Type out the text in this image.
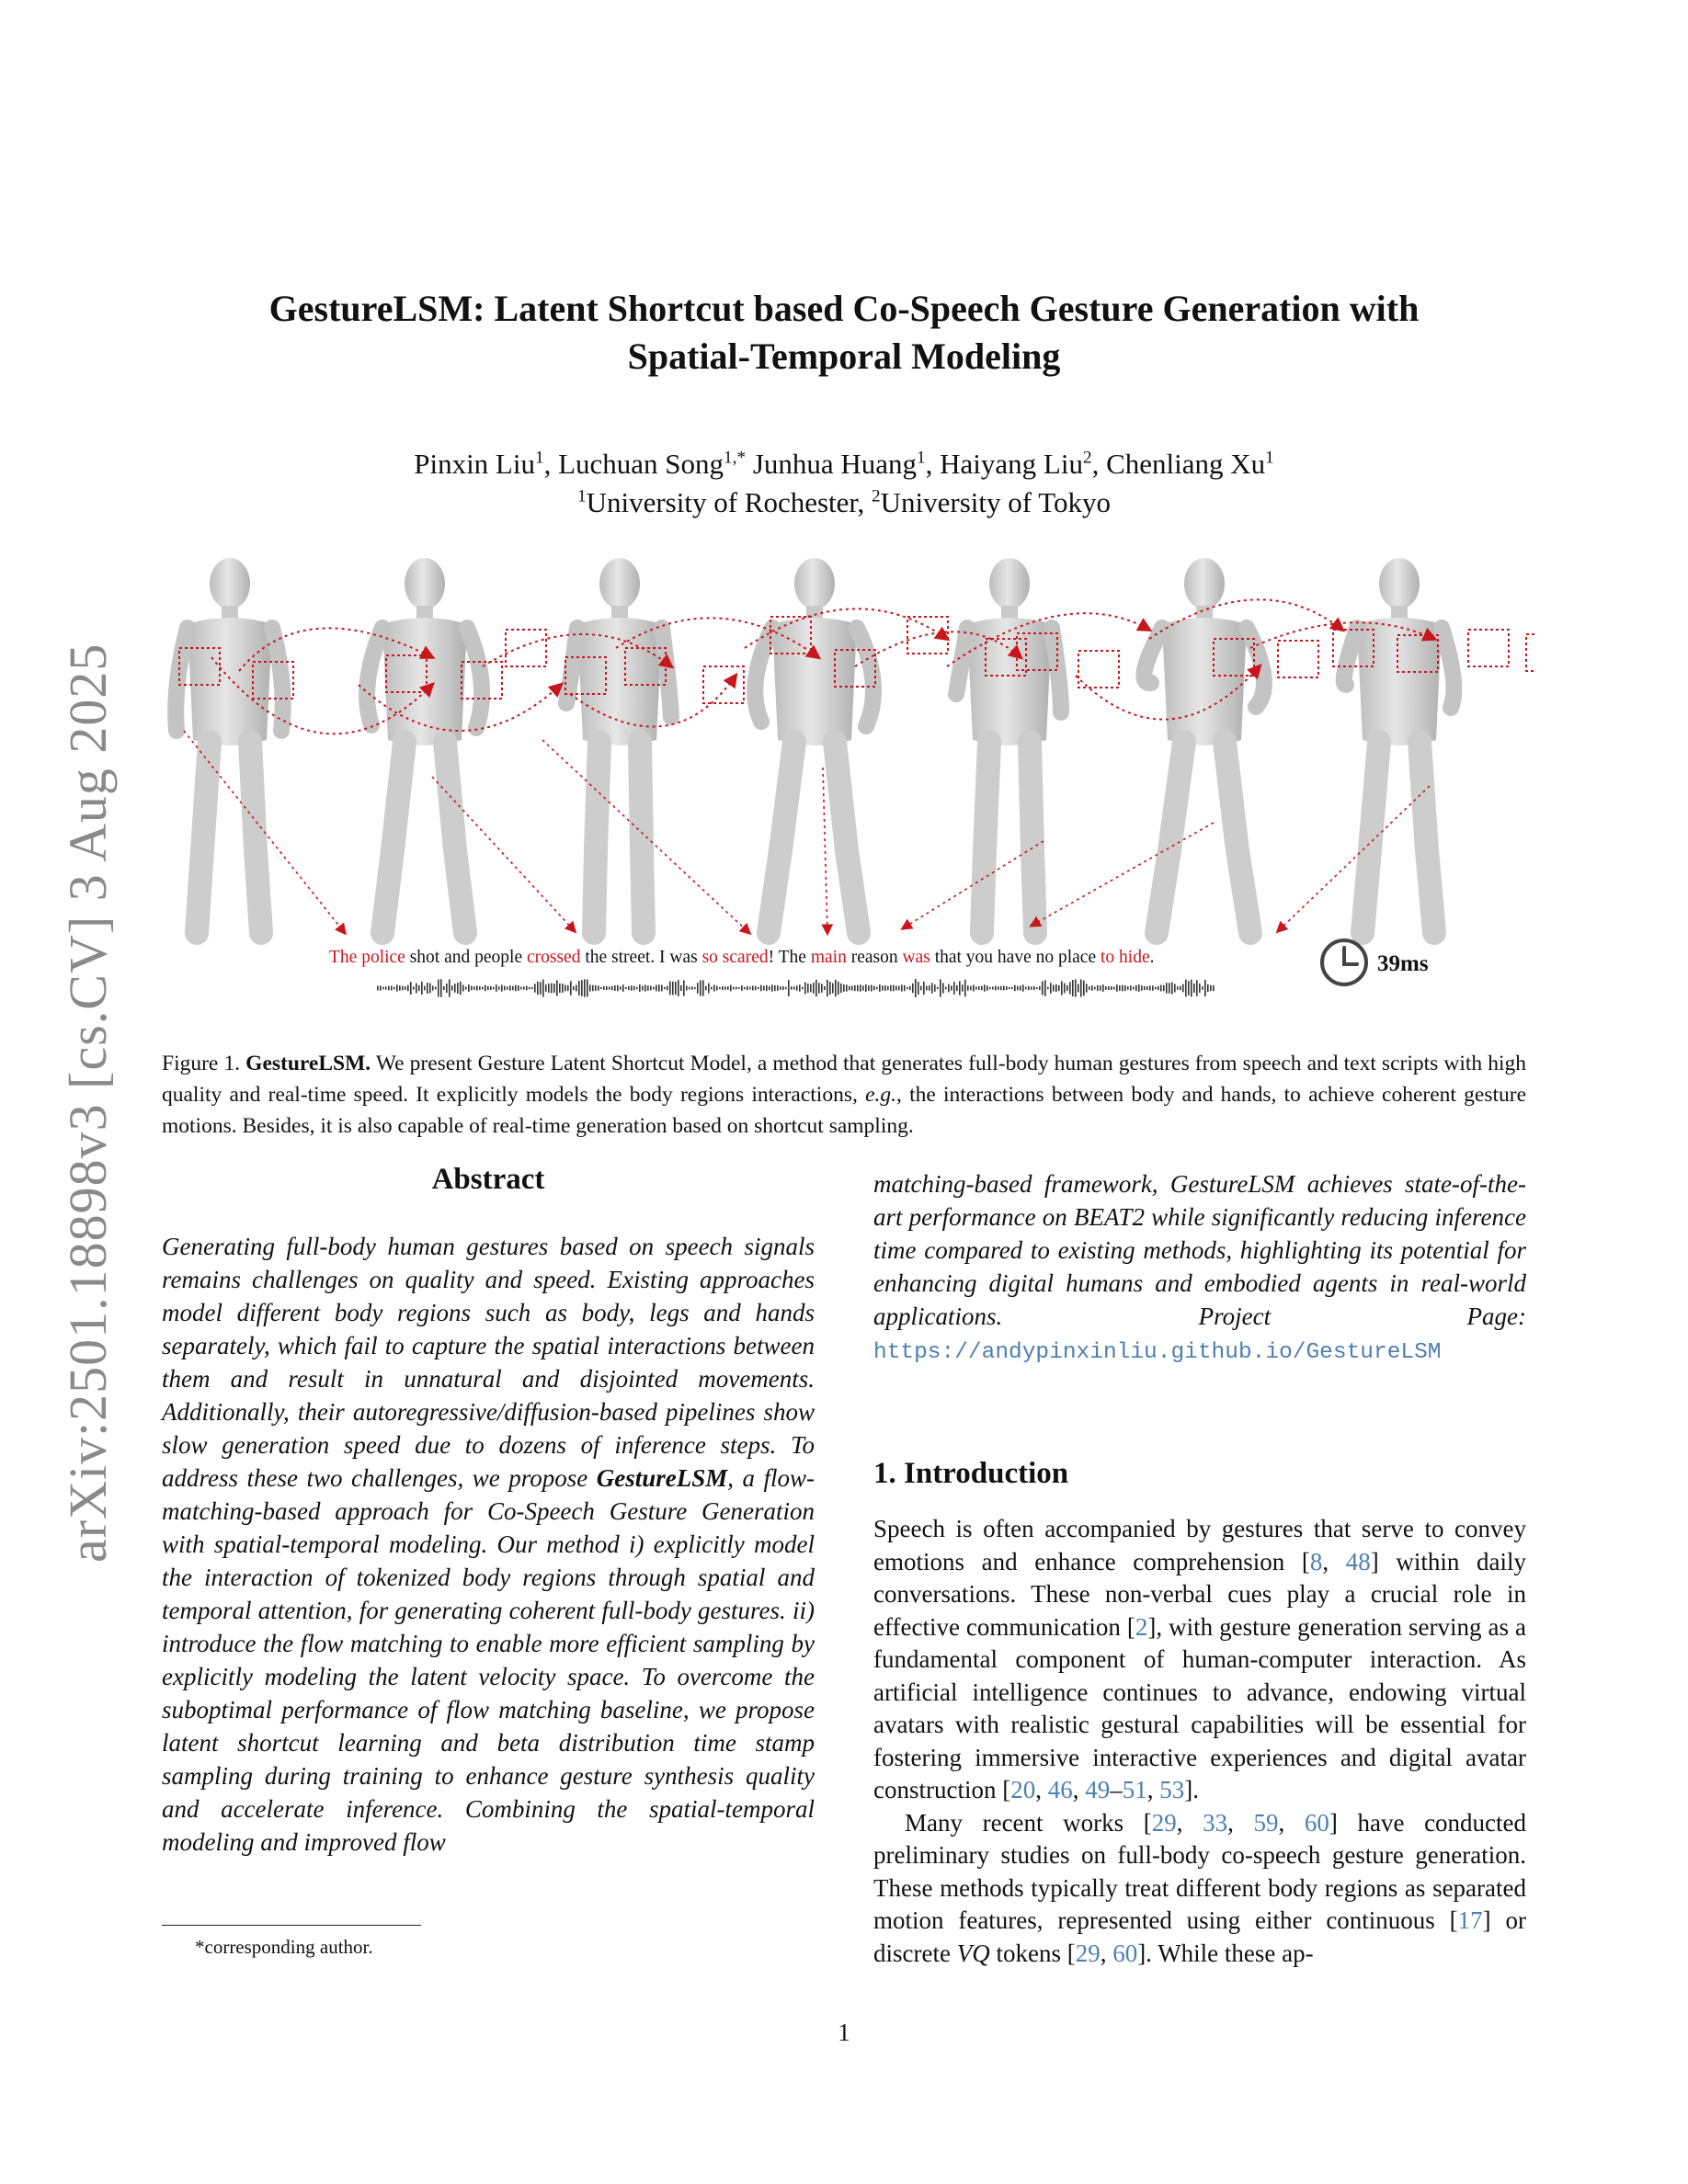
arXiv:2501.18898v3 [cs.CV] 3 Aug 2025
GestureLSM: Latent Shortcut based Co-Speech Gesture Generation with
Spatial-Temporal Modeling
Pinxin Liu$^1$, Luchuan Song$^{1,*}$ Junhua Huang$^1$, Haiyang Liu$^2$, Chenliang Xu$^1$
$^1$University of Rochester, $^2$University of Tokyo
The police shot and people crossed the street. I was so scared! The main reason was that you have no place to hide.	39ms
Figure 1. GestureLSM. We present Gesture Latent Shortcut Model, a method that generates full-body human gestures from speech and text scripts with high quality and real-time speed. It explicitly models the body regions interactions, e.g., the interactions between body and hands, to achieve coherent gesture motions. Besides, it is also capable of real-time generation based on shortcut sampling.
Abstract

Generating full-body human gestures based on speech signals remains challenges on quality and speed. Existing approaches model different body regions such as body, legs and hands separately, which fail to capture the spatial interactions between them and result in unnatural and disjointed movements. Additionally, their autoregressive/diffusion-based pipelines show slow generation speed due to dozens of inference steps. To address these two challenges, we propose GestureLSM, a flow-matching-based approach for Co-Speech Gesture Generation with spatial-temporal modeling. Our method i) explicitly model the interaction of tokenized body regions through spatial and temporal attention, for generating coherent full-body gestures. ii) introduce the flow matching to enable more efficient sampling by explicitly modeling the latent velocity space. To overcome the suboptimal performance of flow matching baseline, we propose latent shortcut learning and beta distribution time stamp sampling during training to enhance gesture synthesis quality and accelerate inference. Combining the spatial-temporal modeling and improved flow

matching-based framework, GestureLSM achieves state-of-the-art performance on BEAT2 while significantly reducing inference time compared to existing methods, highlighting its potential for enhancing digital humans and embodied agents in real-world applications. Project Page: https://andypinxinliu.github.io/GestureLSM

1. Introduction

Speech is often accompanied by gestures that serve to convey emotions and enhance comprehension [8, 48] within daily conversations. These non-verbal cues play a crucial role in effective communication [2], with gesture generation serving as a fundamental component of human-computer interaction. As artificial intelligence continues to advance, endowing virtual avatars with realistic gestural capabilities will be essential for fostering immersive interactive experiences and digital avatar construction [20, 46, 49–51, 53].

Many recent works [29, 33, 59, 60] have conducted preliminary studies on full-body co-speech gesture generation. These methods typically treat different body regions as separated motion features, represented using either continuous [17] or discrete VQ tokens [29, 60]. While these ap-

*corresponding author.
1
